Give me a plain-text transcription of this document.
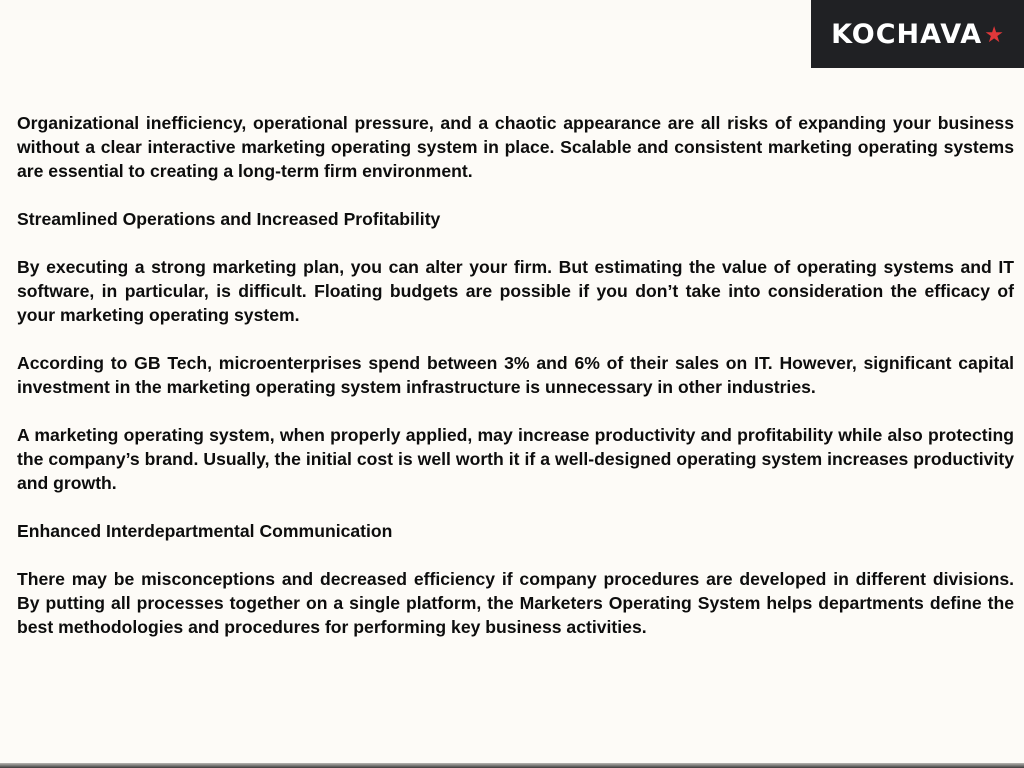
KOCHAVA ★

Organizational inefficiency, operational pressure, and a chaotic appearance are all risks of expanding your business without a clear interactive marketing operating system in place. Scalable and consistent marketing operating systems are essential to creating a long-term firm environment.

Streamlined Operations and Increased Profitability

By executing a strong marketing plan, you can alter your firm. But estimating the value of operating systems and IT software, in particular, is difficult. Floating budgets are possible if you don’t take into consideration the efficacy of your marketing operating system.

According to GB Tech, microenterprises spend between 3% and 6% of their sales on IT. However, significant capital investment in the marketing operating system infrastructure is unnecessary in other industries.

A marketing operating system, when properly applied, may increase productivity and profitability while also protecting the company’s brand. Usually, the initial cost is well worth it if a well-designed operating system increases productivity and growth.

Enhanced Interdepartmental Communication

There may be misconceptions and decreased efficiency if company procedures are developed in different divisions. By putting all processes together on a single platform, the Marketers Operating System helps departments define the best methodologies and procedures for performing key business activities.
